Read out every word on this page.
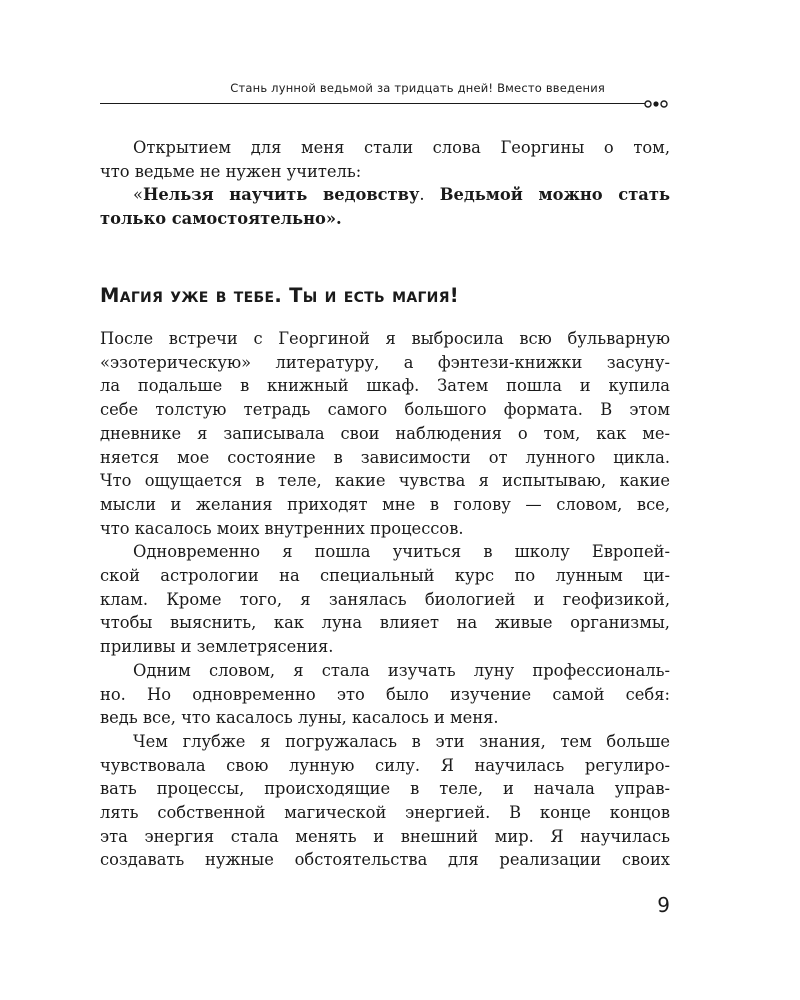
Стань лунной ведьмой за тридцать дней! Вместо введения
Открытием для меня стали слова Георгины о том,
что ведьме не нужен учитель:
«Нельзя научить ведовству. Ведьмой можно стать
только самостоятельно».
Магия уже в тебе. Ты и есть магия!
После встречи с Георгиной я выбросила всю бульварную
«эзотерическую» литературу, а фэнтези-книжки засуну-
ла подальше в книжный шкаф. Затем пошла и купила
себе толстую тетрадь самого большого формата. В этом
дневнике я записывала свои наблюдения о том, как ме-
няется мое состояние в зависимости от лунного цикла.
Что ощущается в теле, какие чувства я испытываю, какие
мысли и желания приходят мне в голову — словом, все,
что касалось моих внутренних процессов.
Одновременно я пошла учиться в школу Европей-
ской астрологии на специальный курс по лунным ци-
клам. Кроме того, я занялась биологией и геофизикой,
чтобы выяснить, как луна влияет на живые организмы,
приливы и землетрясения.
Одним словом, я стала изучать луну профессиональ-
но. Но одновременно это было изучение самой себя:
ведь все, что касалось луны, касалось и меня.
Чем глубже я погружалась в эти знания, тем больше
чувствовала свою лунную силу. Я научилась регулиро-
вать процессы, происходящие в теле, и начала управ-
лять собственной магической энергией. В конце концов
эта энергия стала менять и внешний мир. Я научилась
создавать нужные обстоятельства для реализации своих
9
